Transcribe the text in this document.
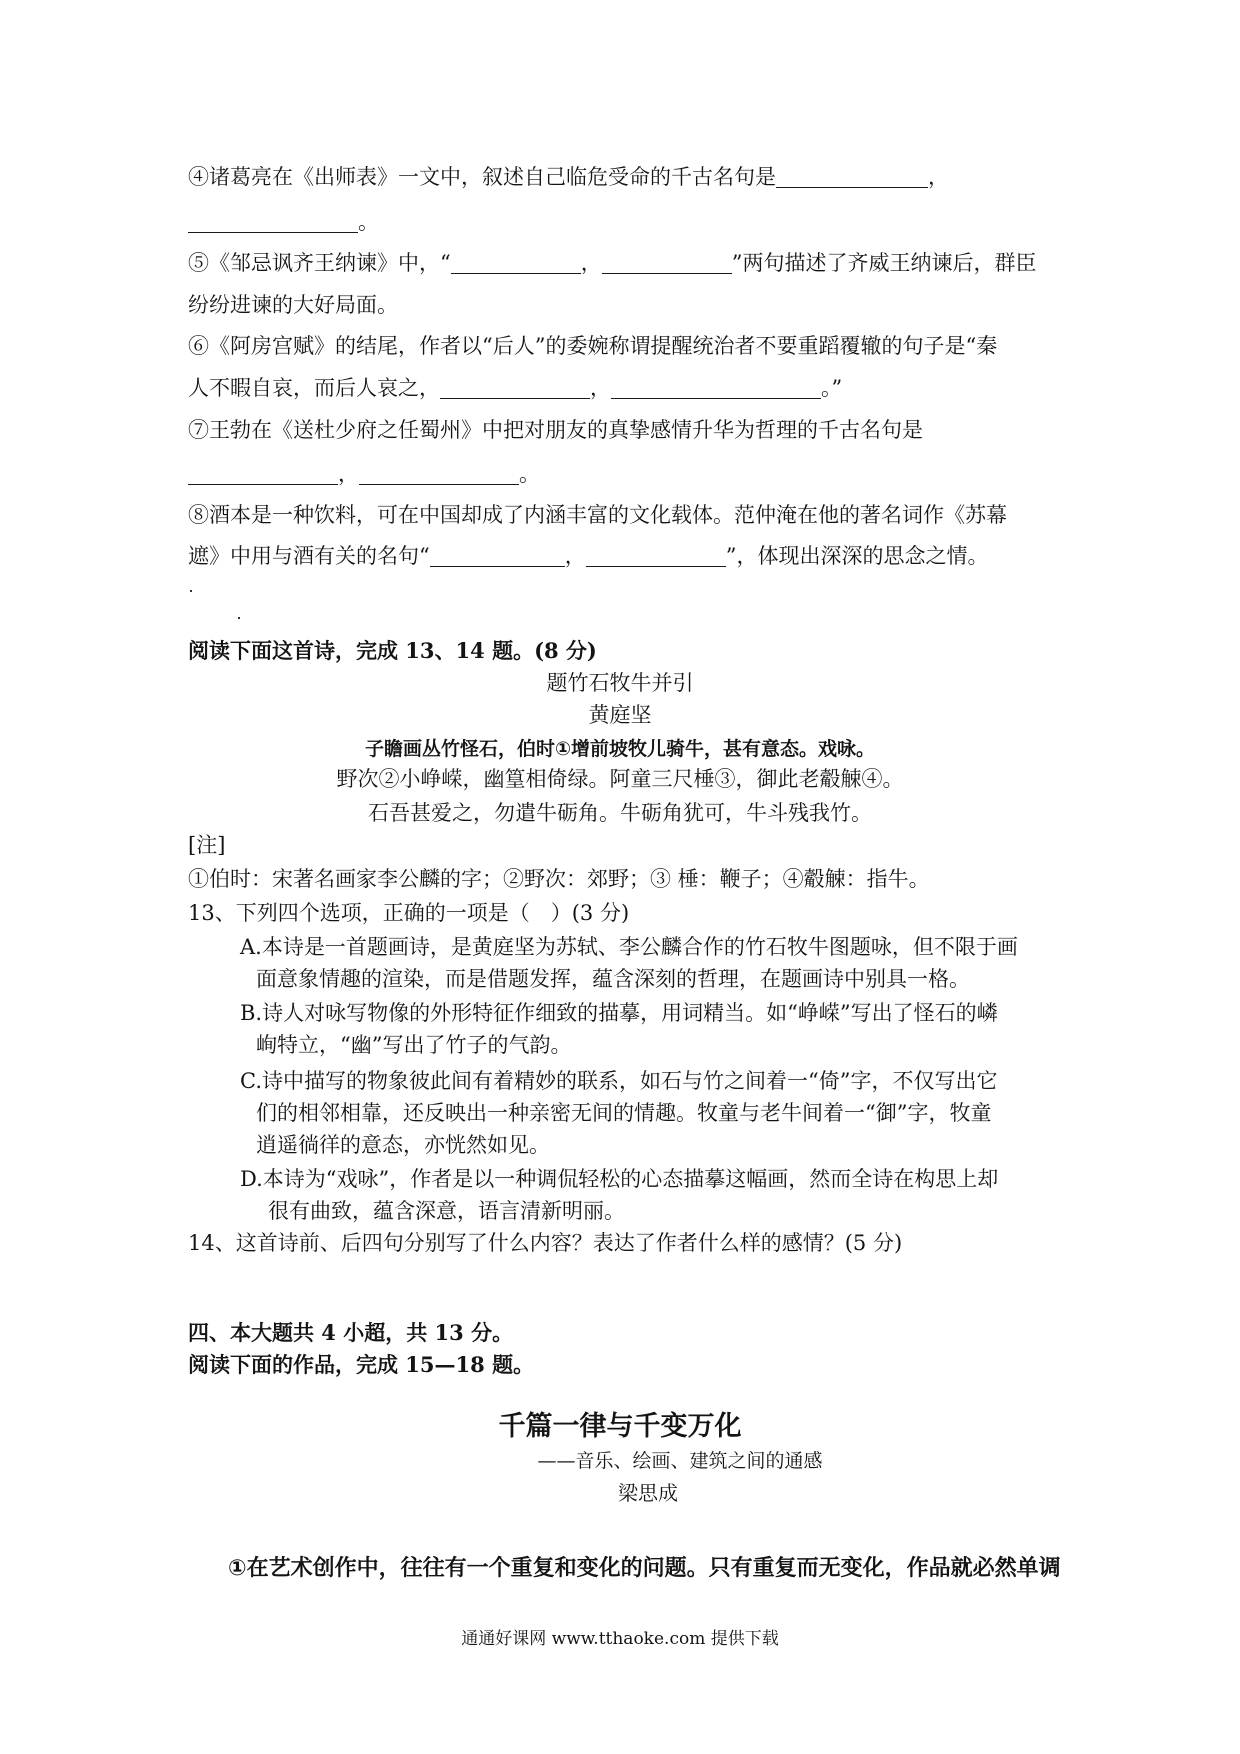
④诸葛亮在《出师表》一文中，叙述自己临危受命的千古名句是	，
。
⑤《邹忌讽齐王纳谏》中，“	，	”两句描述了齐威王纳谏后，群臣
纷纷进谏的大好局面。
⑥《阿房宫赋》的结尾，作者以“后人”的委婉称谓提醒统治者不要重蹈覆辙的句子是“秦
人不暇自哀，而后人哀之，	，	。”
⑦王勃在《送杜少府之任蜀州》中把对朋友的真挚感情升华为哲理的千古名句是
，	。
⑧酒本是一种饮料，可在中国却成了内涵丰富的文化载体。范仲淹在他的著名词作《苏幕
遮》中用与酒有关的名句“	，	”，体现出深深的思念之情。
阅读下面这首诗，完成 13、14 题。(8 分)
题竹石牧牛并引
黄庭坚
子瞻画丛竹怪石，伯时①增前坡牧儿骑牛，甚有意态。戏咏。
野次②小峥嵘，幽篁相倚绿。阿童三尺棰③，御此老觳觫④。
石吾甚爱之，勿遣牛砺角。牛砺角犹可，牛斗残我竹。
[注]
①伯时：宋著名画家李公麟的字；②野次：郊野；③ 棰：鞭子；④觳觫：指牛。
13、下列四个选项，正确的一项是（　）(3 分)
A.本诗是一首题画诗，是黄庭坚为苏轼、李公麟合作的竹石牧牛图题咏，但不限于画
面意象情趣的渲染，而是借题发挥，蕴含深刻的哲理，在题画诗中别具一格。
B.诗人对咏写物像的外形特征作细致的描摹，用词精当。如“峥嵘”写出了怪石的嶙
峋特立，“幽”写出了竹子的气韵。
C.诗中描写的物象彼此间有着精妙的联系，如石与竹之间着一“倚”字，不仅写出它
们的相邻相靠，还反映出一种亲密无间的情趣。牧童与老牛间着一“御”字，牧童
逍遥徜徉的意态，亦恍然如见。
D.本诗为“戏咏”，作者是以一种调侃轻松的心态描摹这幅画，然而全诗在构思上却
很有曲致，蕴含深意，语言清新明丽。
14、这首诗前、后四句分别写了什么内容？表达了作者什么样的感情？(5 分)
四、本大题共 4 小超，共 13 分。
阅读下面的作品，完成 15—18 题。
千篇一律与千变万化
——音乐、绘画、建筑之间的通感
梁思成
①在艺术创作中，往往有一个重复和变化的问题。只有重复而无变化，作品就必然单调
通通好课网 www.tthaoke.com 提供下载
